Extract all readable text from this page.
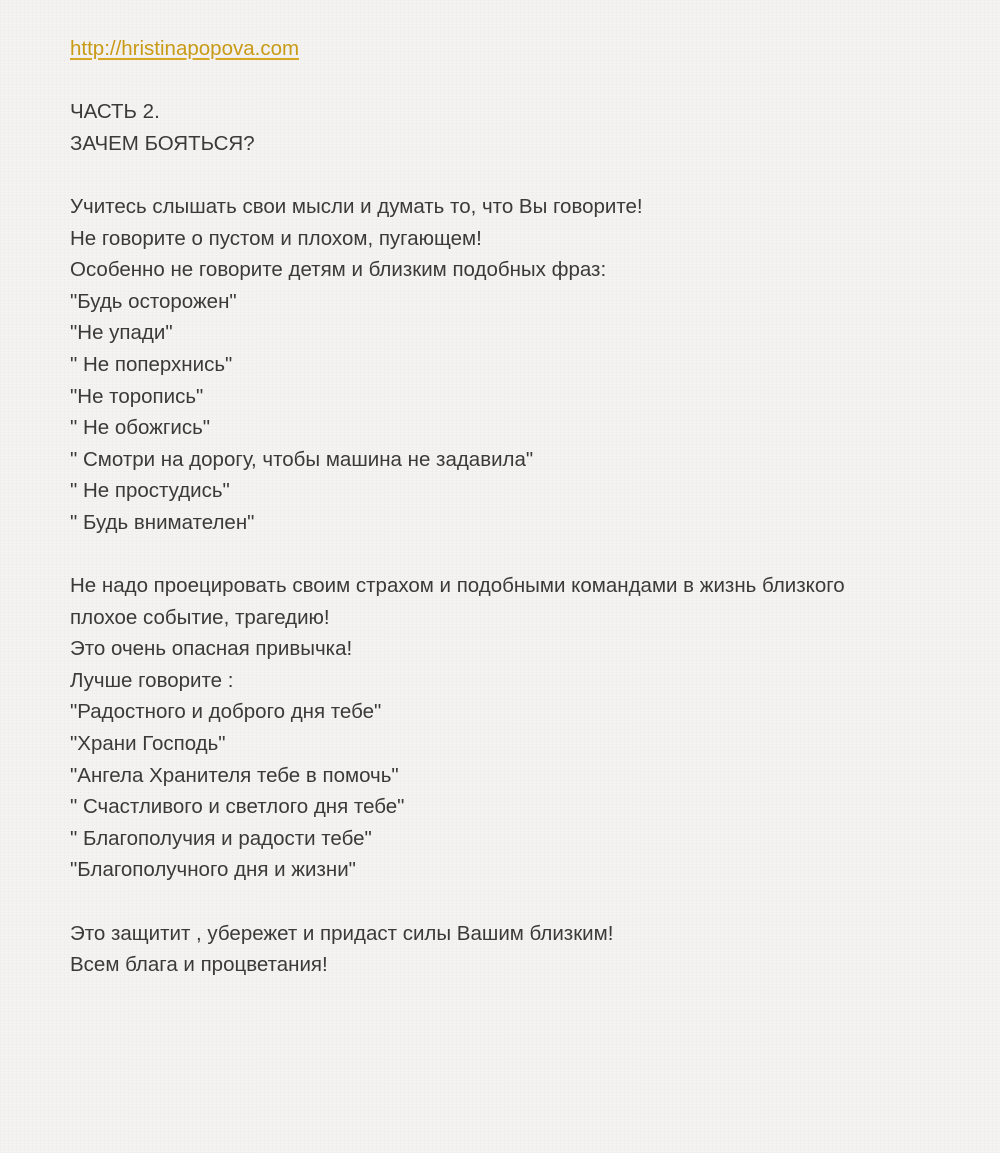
http://hristinapopova.com
ЧАСТЬ 2.
ЗАЧЕМ БОЯТЬСЯ?
Учитесь слышать свои мысли и думать то, что Вы говорите!
Не говорите о пустом и плохом, пугающем!
Особенно не говорите детям и близким подобных фраз:
"Будь осторожен"
"Не упади"
" Не поперхнись"
"Не торопись"
" Не обожгись"
" Смотри на дорогу, чтобы машина не задавила"
" Не простудись"
" Будь внимателен"
Не надо проецировать своим страхом и подобными командами в жизнь близкого
плохое событие, трагедию!
Это очень опасная привычка!
Лучше говорите :
"Радостного и доброго дня тебе"
"Храни Господь"
"Ангела Хранителя тебе в помочь"
" Счастливого и светлого дня тебе"
" Благополучия и радости тебе"
"Благополучного дня и жизни"
Это защитит , убережет и придаст силы Вашим близким!
Всем блага и процветания!
